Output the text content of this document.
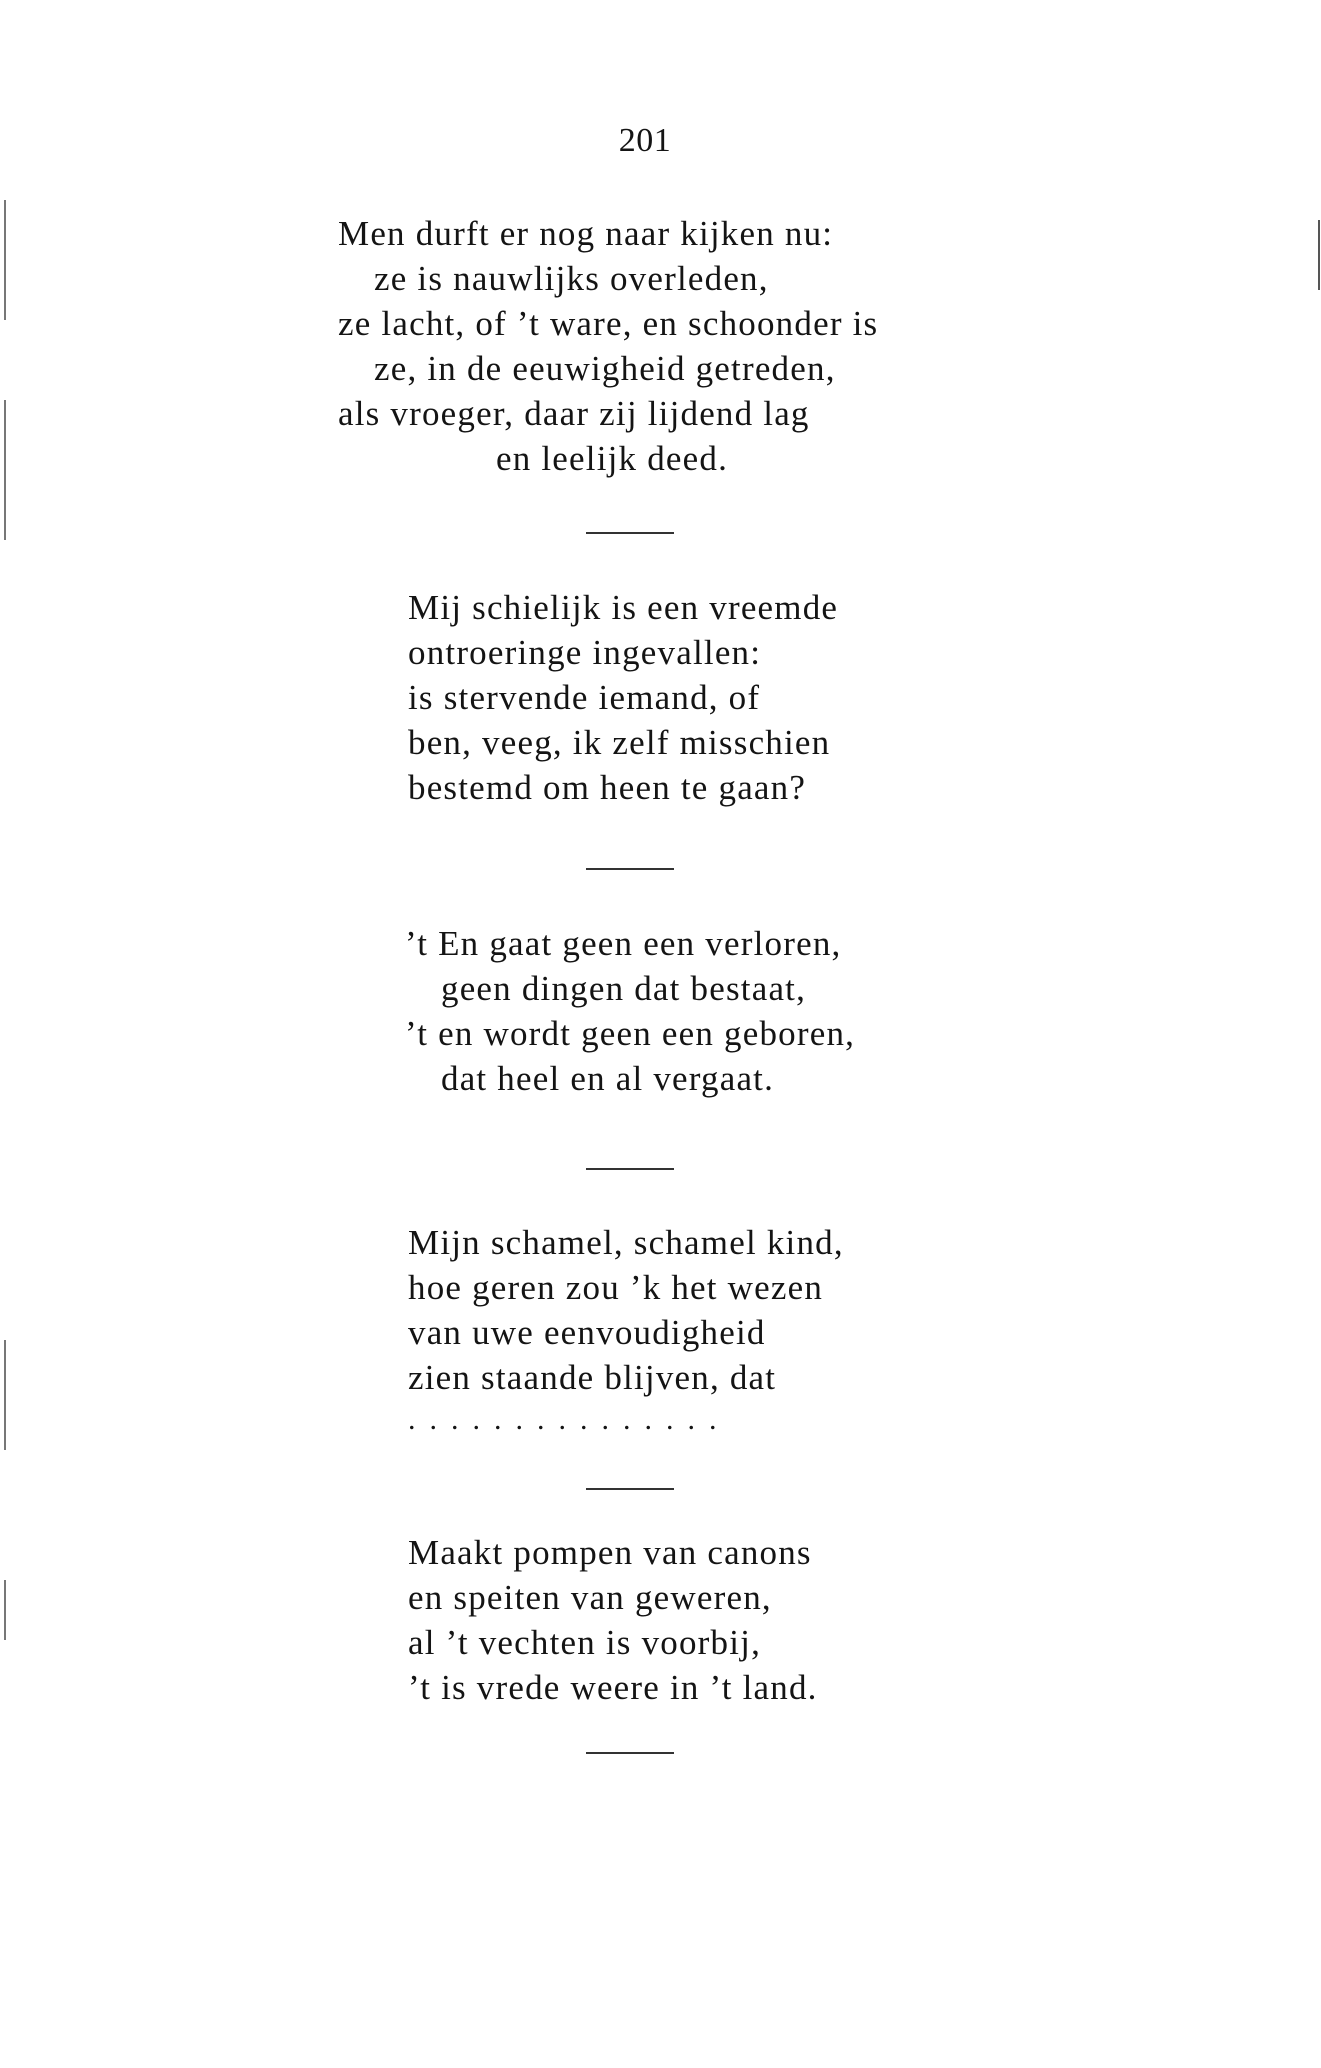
201
Men durft er nog naar kijken nu:
ze is nauwlijks overleden,
ze lacht, of ’t ware, en schoonder is
ze, in de eeuwigheid getreden,
als vroeger, daar zij lijdend lag
en leelijk deed.
Mij schielijk is een vreemde
ontroeringe ingevallen:
is stervende iemand, of
ben, veeg, ik zelf misschien
bestemd om heen te gaan?
’t En gaat geen een verloren,
geen dingen dat bestaat,
’t en wordt geen een geboren,
dat heel en al vergaat.
Mijn schamel, schamel kind,
hoe geren zou ’k het wezen
van uwe eenvoudigheid
zien staande blijven, dat
...............
Maakt pompen van canons
en speiten van geweren,
al ’t vechten is voorbij,
’t is vrede weere in ’t land.
